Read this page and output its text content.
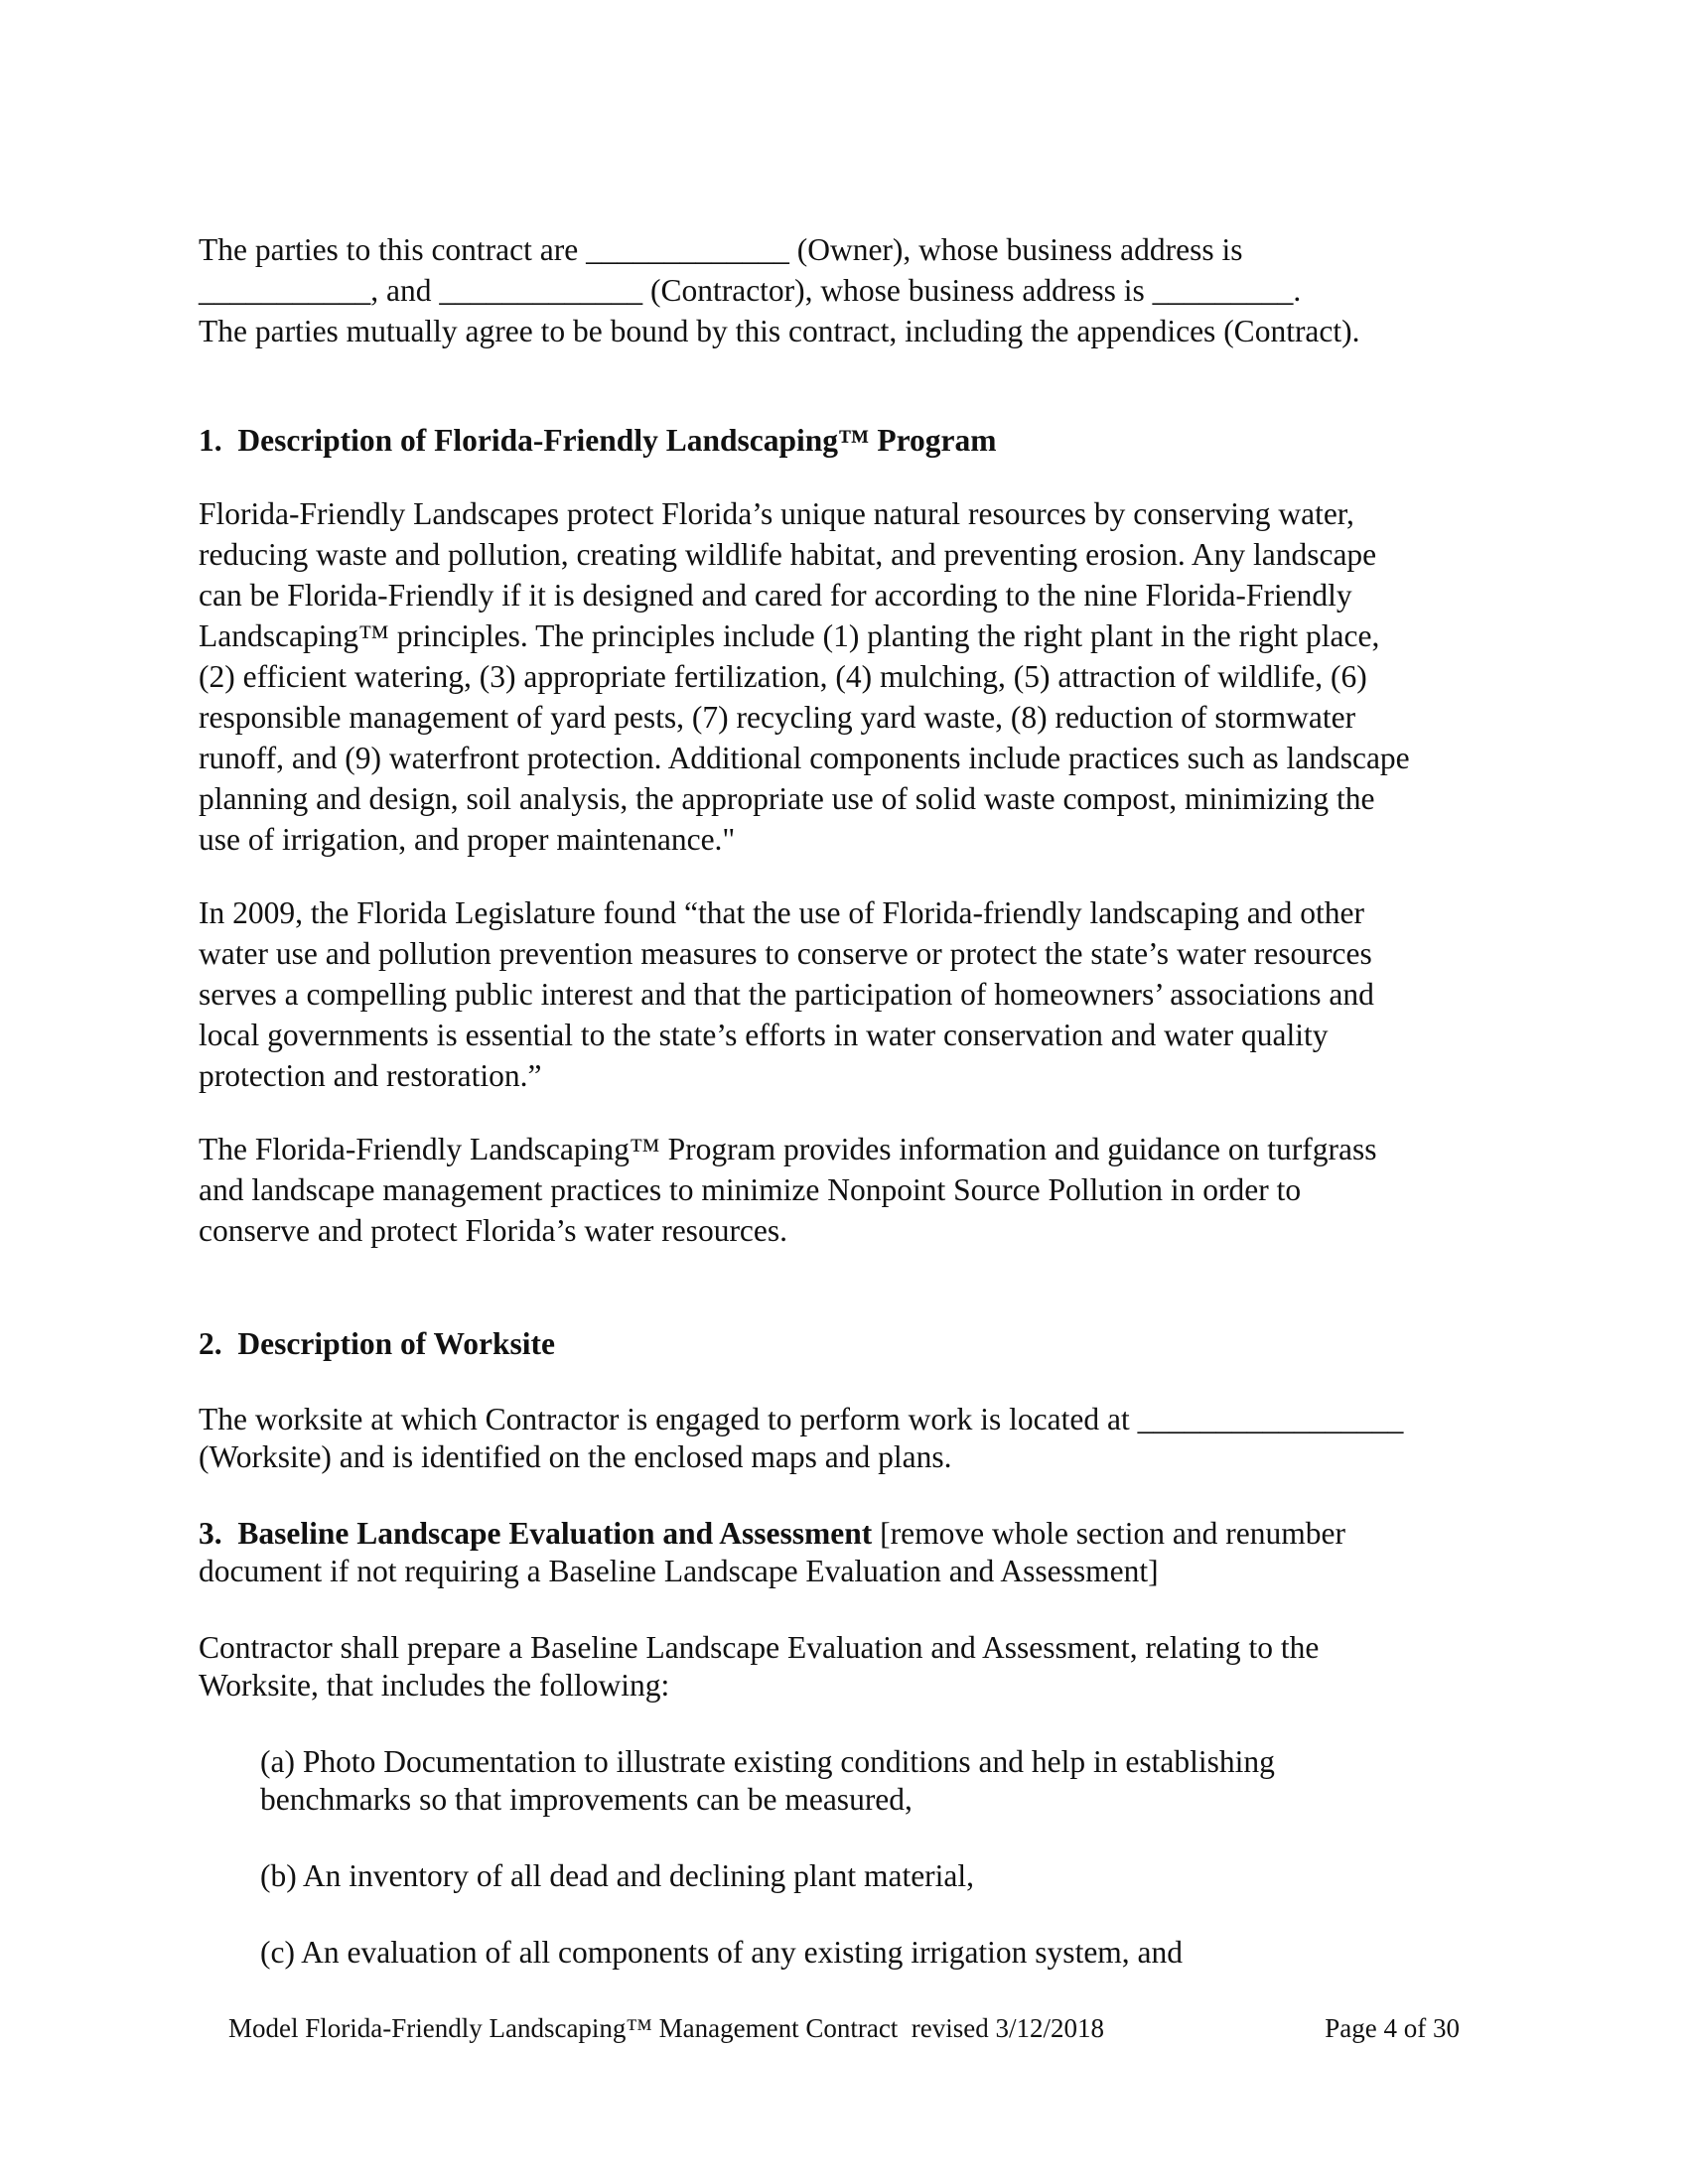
The parties to this contract are _____________ (Owner), whose business address is
___________, and _____________ (Contractor), whose business address is _________.
The parties mutually agree to be bound by this contract, including the appendices (Contract).

1.  Description of Florida-Friendly Landscaping™ Program

Florida-Friendly Landscapes protect Florida’s unique natural resources by conserving water,
reducing waste and pollution, creating wildlife habitat, and preventing erosion. Any landscape
can be Florida-Friendly if it is designed and cared for according to the nine Florida-Friendly
Landscaping™ principles. The principles include (1) planting the right plant in the right place,
(2) efficient watering, (3) appropriate fertilization, (4) mulching, (5) attraction of wildlife, (6)
responsible management of yard pests, (7) recycling yard waste, (8) reduction of stormwater
runoff, and (9) waterfront protection. Additional components include practices such as landscape
planning and design, soil analysis, the appropriate use of solid waste compost, minimizing the
use of irrigation, and proper maintenance."

In 2009, the Florida Legislature found “that the use of Florida-friendly landscaping and other
water use and pollution prevention measures to conserve or protect the state’s water resources
serves a compelling public interest and that the participation of homeowners’ associations and
local governments is essential to the state’s efforts in water conservation and water quality
protection and restoration.”

The Florida-Friendly Landscaping™ Program provides information and guidance on turfgrass
and landscape management practices to minimize Nonpoint Source Pollution in order to
conserve and protect Florida’s water resources.

2.  Description of Worksite

The worksite at which Contractor is engaged to perform work is located at _________________
(Worksite) and is identified on the enclosed maps and plans.

3.  Baseline Landscape Evaluation and Assessment [remove whole section and renumber
document if not requiring a Baseline Landscape Evaluation and Assessment]

Contractor shall prepare a Baseline Landscape Evaluation and Assessment, relating to the
Worksite, that includes the following:

(a) Photo Documentation to illustrate existing conditions and help in establishing
benchmarks so that improvements can be measured,

(b) An inventory of all dead and declining plant material,

(c) An evaluation of all components of any existing irrigation system, and

Model Florida-Friendly Landscaping™ Management Contract  revised 3/12/2018	Page 4 of 30
